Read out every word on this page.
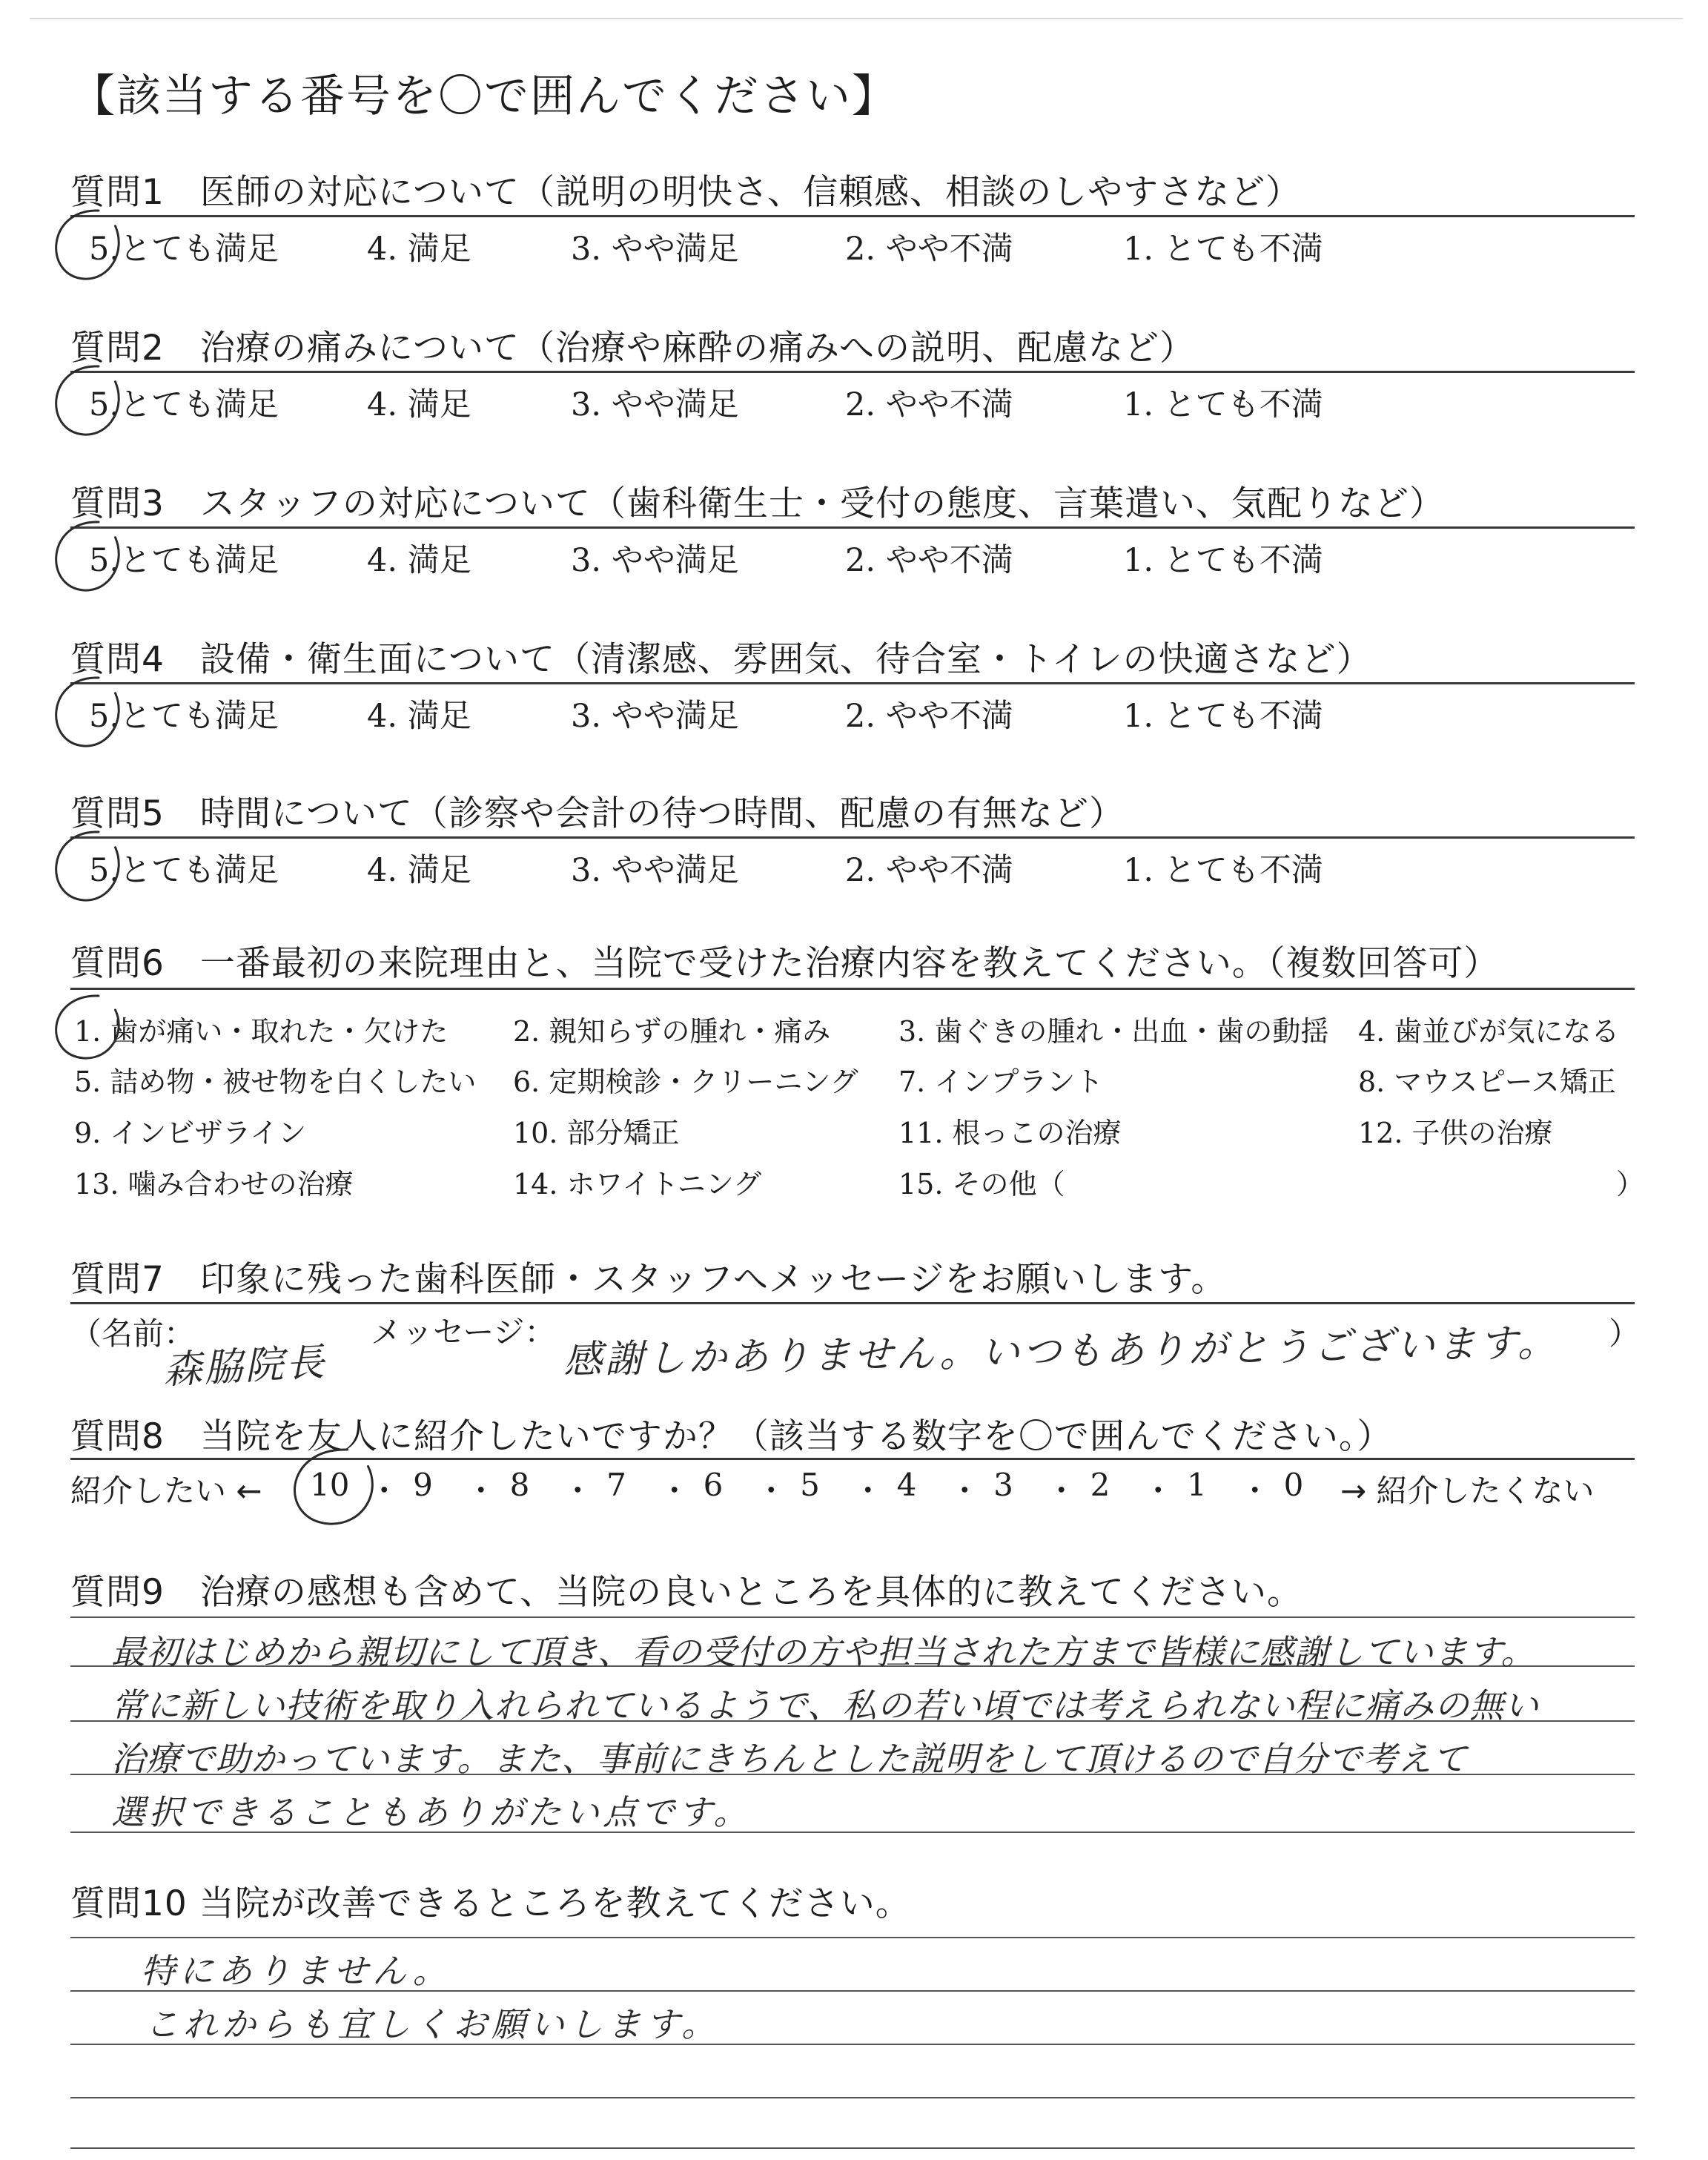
【該当する番号を〇で囲んでください】
質問1　医師の対応について（説明の明快さ、信頼感、相談のしやすさなど）
5.とても満足	4. 満足	3. やや満足	2. やや不満	1. とても不満
質問2　治療の痛みについて（治療や麻酔の痛みへの説明、配慮など）
5.とても満足	4. 満足	3. やや満足	2. やや不満	1. とても不満
質問3　スタッフの対応について（歯科衛生士・受付の態度、言葉遣い、気配りなど）
5.とても満足	4. 満足	3. やや満足	2. やや不満	1. とても不満
質問4　設備・衛生面について（清潔感、雰囲気、待合室・トイレの快適さなど）
5.とても満足	4. 満足	3. やや満足	2. やや不満	1. とても不満
質問5　時間について（診察や会計の待つ時間、配慮の有無など）
5.とても満足	4. 満足	3. やや満足	2. やや不満	1. とても不満
質問6　一番最初の来院理由と、当院で受けた治療内容を教えてください。（複数回答可）
1. 歯が痛い・取れた・欠けた 2. 親知らずの腫れ・痛み 3. 歯ぐきの腫れ・出血・歯の動揺 4. 歯並びが気になる
5. 詰め物・被せ物を白くしたい 6. 定期検診・クリーニング 7. インプラント	8. マウスピース矯正
9. インビザライン	10. 部分矯正	11. 根っこの治療	12. 子供の治療
13. 噛み合わせの治療	14. ホワイトニング	15. その他（	）
質問7　印象に残った歯科医師・スタッフへメッセージをお願いします。
（名前：	メッセージ：	）
森脇院長	感謝しかありません。いつもありがとうございます。
質問8　当院を友人に紹介したいですか？（該当する数字を〇で囲んでください。）
紹介したい ←	→ 紹介したくない
10 ・ 9 ・ 8 ・ 7 ・ 6 ・ 5 ・ 4 ・ 3 ・ 2 ・ 1 ・ 0
質問9　治療の感想も含めて、当院の良いところを具体的に教えてください。
最初はじめから親切にして頂き、看の受付の方や担当された方まで皆様に感謝しています。
常に新しい技術を取り入れられているようで、私の若い頃では考えられない程に痛みの無い
治療で助かっています。また、事前にきちんとした説明をして頂けるので自分で考えて
選択できることもありがたい点です。
質問10 当院が改善できるところを教えてください。
特にありません。
これからも宜しくお願いします。
